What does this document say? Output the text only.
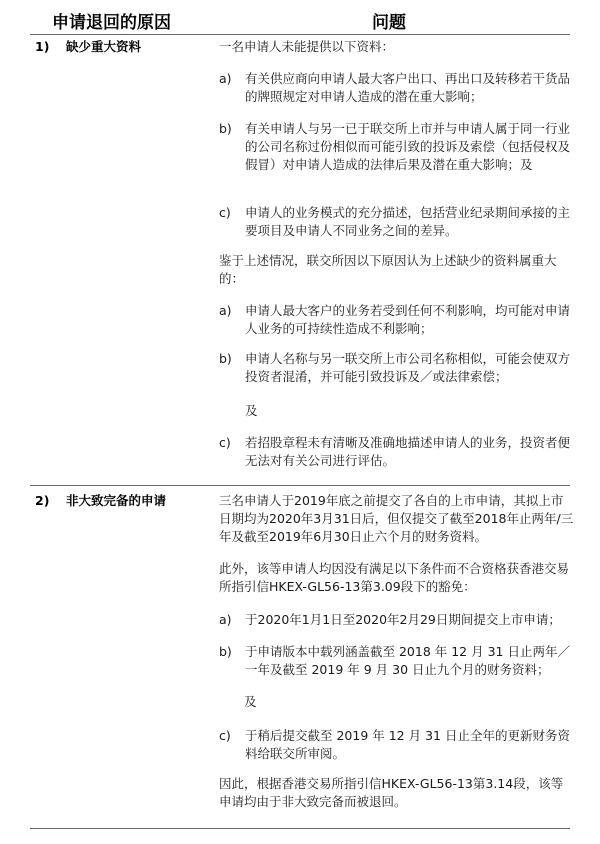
申请退回的原因	问题
1) 缺少重大资料	一名申请人未能提供以下资料：
a)	有关供应商向申请人最大客户出口、再出口及转移若干货品的牌照规定对申请人造成的潜在重大影响；
b)	有关申请人与另一已于联交所上市并与申请人属于同一行业的公司名称过份相似而可能引致的投诉及索偿（包括侵权及假冒）对申请人造成的法律后果及潜在重大影响；及
c)	申请人的业务模式的充分描述，包括营业纪录期间承接的主要项目及申请人不同业务之间的差异。
鉴于上述情况，联交所因以下原因认为上述缺少的资料属重大的：
a)	申请人最大客户的业务若受到任何不利影响，均可能对申请人业务的可持续性造成不利影响；
b)	申请人名称与另一联交所上市公司名称相似，可能会使双方投资者混淆，并可能引致投诉及／或法律索偿；
及
c)	若招股章程未有清晰及准确地描述申请人的业务，投资者便无法对有关公司进行评估。
2) 非大致完备的申请	三名申请人于2019年底之前提交了各自的上市申请，其拟上市日期均为2020年3月31日后，但仅提交了截至2018年止两年/三年及截至2019年6月30日止六个月的财务资料。
此外，该等申请人均因没有满足以下条件而不合资格获香港交易所指引信HKEX-GL56-13第3.09段下的豁免：
a)	于2020年1月1日至2020年2月29日期间提交上市申请；
b)	于申请版本中载列涵盖截至 2018 年 12 月 31 日止两年／一年及截至 2019 年 9 月 30 日止九个月的财务资料；
及
c)	于稍后提交截至 2019 年 12 月 31 日止全年的更新财务资料给联交所审阅。
因此，根据香港交易所指引信HKEX-GL56-13第3.14段，该等申请均由于非大致完备而被退回。
